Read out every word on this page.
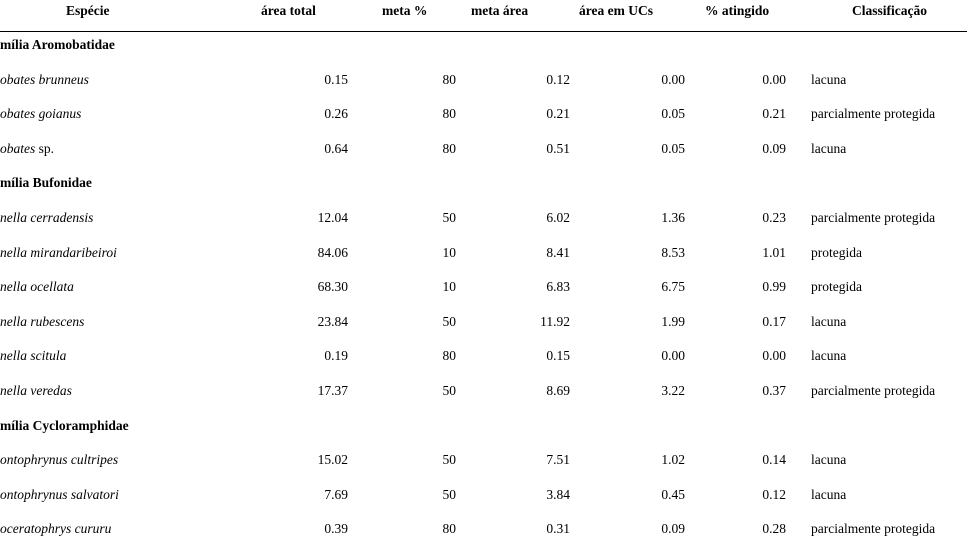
Espécie	área total	meta %	meta área	área em UCs	% atingido	Classificação
mília Aromobatidae
obates brunneus	0.15	80	0.12	0.00	0.00 lacuna
obates goianus	0.26	80	0.21	0.05	0.21 parcialmente protegida
obates sp.	0.64	80	0.51	0.05	0.09 lacuna
mília Bufonidae
nella cerradensis	12.04	50	6.02	1.36	0.23 parcialmente protegida
nella mirandaribeiroi	84.06	10	8.41	8.53	1.01 protegida
nella ocellata	68.30	10	6.83	6.75	0.99 protegida
nella rubescens	23.84	50	11.92	1.99	0.17 lacuna
nella scitula	0.19	80	0.15	0.00	0.00 lacuna
nella veredas	17.37	50	8.69	3.22	0.37 parcialmente protegida
mília Cycloramphidae
ontophrynus cultripes	15.02	50	7.51	1.02	0.14 lacuna
ontophrynus salvatori	7.69	50	3.84	0.45	0.12 lacuna
oceratophrys cururu	0.39	80	0.31	0.09	0.28 parcialmente protegida
